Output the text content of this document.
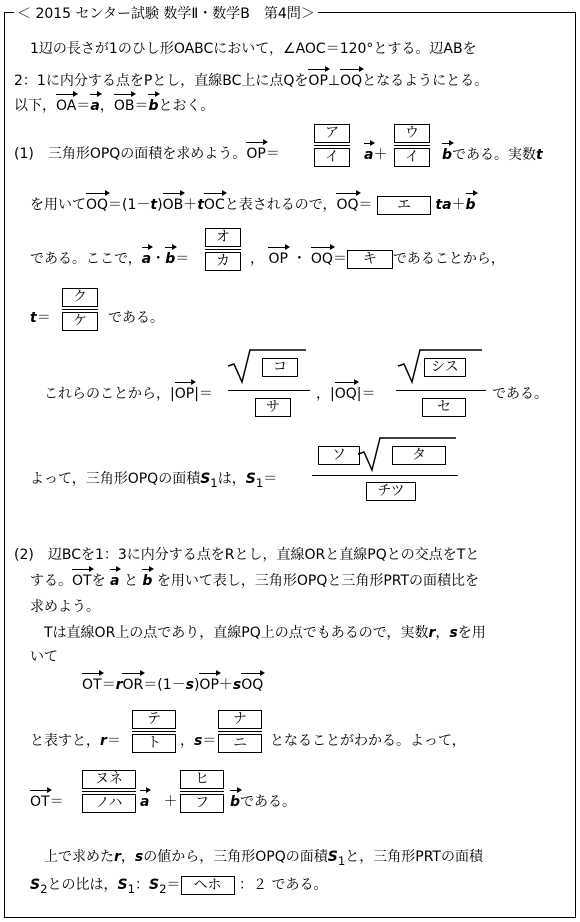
＜ 2015 センター試験 数学Ⅱ・数学B　第4問＞
1辺の長さが1のひし形OABCにおいて，∠AOC＝120°とする。辺ABを
2：1に内分する点をPとし，直線BC上に点QをOP⊥OQとなるようにとる。
以下，OA＝a，OB＝bとおく。
(1)　三角形OPQの面積を求めよう。$OP= \frac{\text{ア}}{\text{イ}} a+ \frac{\text{ウ}}{\text{イ}}$ bである。実数t
を用いてOQ＝(1－t)OB＋tOCと表されるので，OQ＝ エ ta＋b
である。ここで，a・$b= \frac{\text{オ}}{\text{カ}}$ ， OP ・ OQ＝ キ であることから，
$t= \frac{\text{ク}}{\text{ケ}}$ である。
これらのことから，|OP|＝
コ
サ
，|OQ|＝
シス
セ
である。
よって，三角形OPQの面積$S_1$は，$S_1=$
ソ	タ
チツ
(2)　辺BCを1：3に内分する点をRとし，直線ORと直線PQとの交点をTと
する。OTを a と b を用いて表し，三角形OPQと三角形PRTの面積比を
求めよう。
Tは直線OR上の点であり，直線PQ上の点でもあるので，実数r，sを用
いて
OT＝rOR＝(1－s)OP＋sOQ
と表すと，$r= \frac{\text{テ}}{\text{ト}}$ ，$s= \frac{\text{ナ}}{\text{ニ}}$ となることがわかる。よって，
$OT= \frac{\text{ヌネ}}{\text{ノハ}}$ a　 ＋ $\frac{\text{ヒ}}{\text{フ}}$ bである。
上で求めたr，sの値から，三角形OPQの面積$S_1$と，三角形PRTの面積
$S_2$との比は，$S_1$：$S_2=$ ヘホ ：２ である。
